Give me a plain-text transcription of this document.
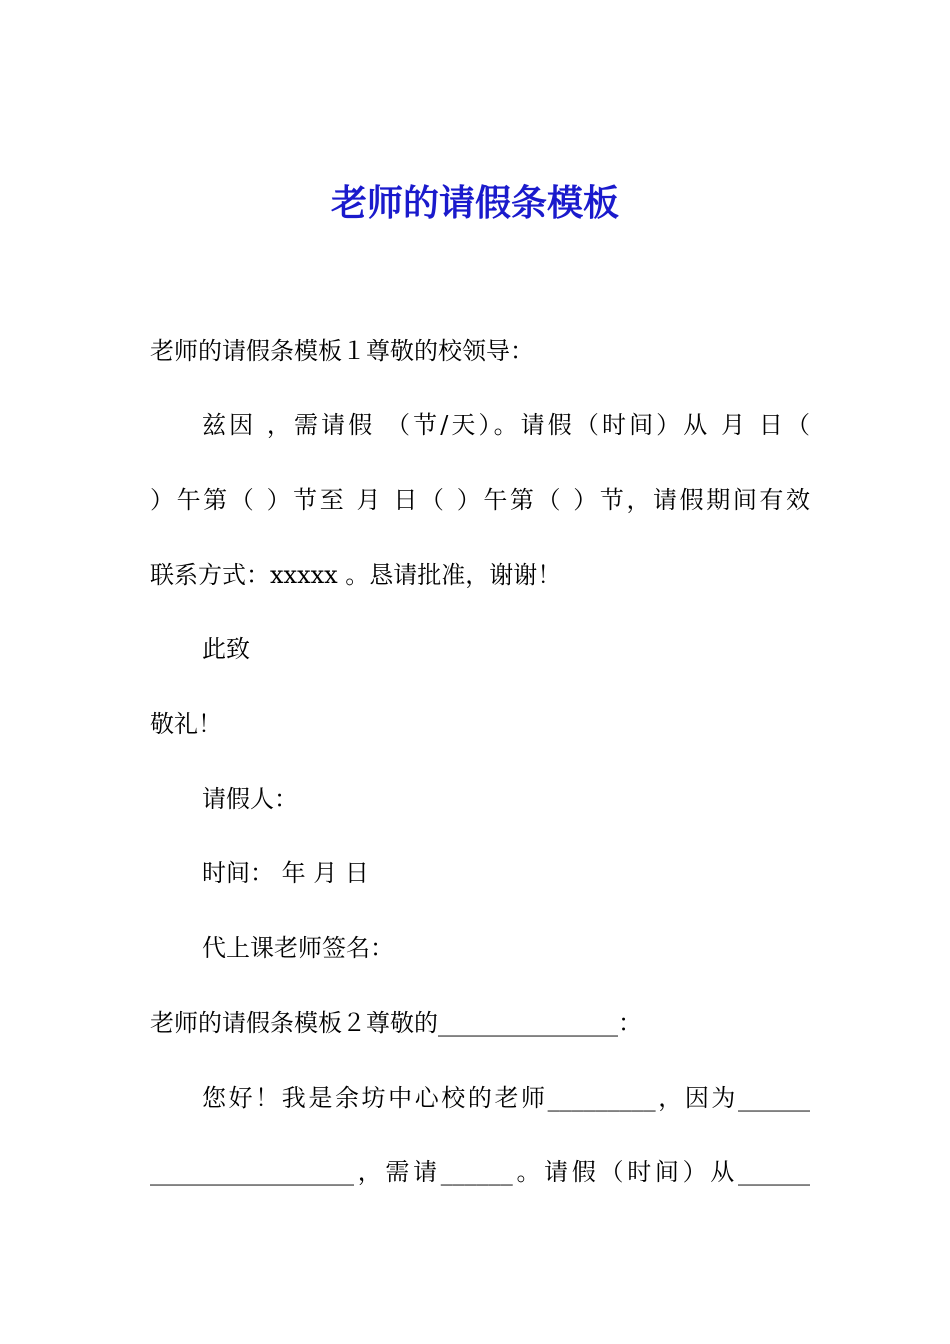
老师的请假条模板

老师的请假条模板１尊敬的校领导：

兹因 ，需请假 （节/天）。请假（时间）从 月 日（

）午第（ ）节至 月 日（ ）午第（ ）节，请假期间有效

联系方式：xxxxx 。恳请批准，谢谢！

此致

敬礼！

请假人：

时间： 年 月 日

代上课老师签名：

老师的请假条模板２尊敬的_______________：

您好！我是余坊中心校的老师_________，因为______

_________________，需请______。请假（时间）从______
